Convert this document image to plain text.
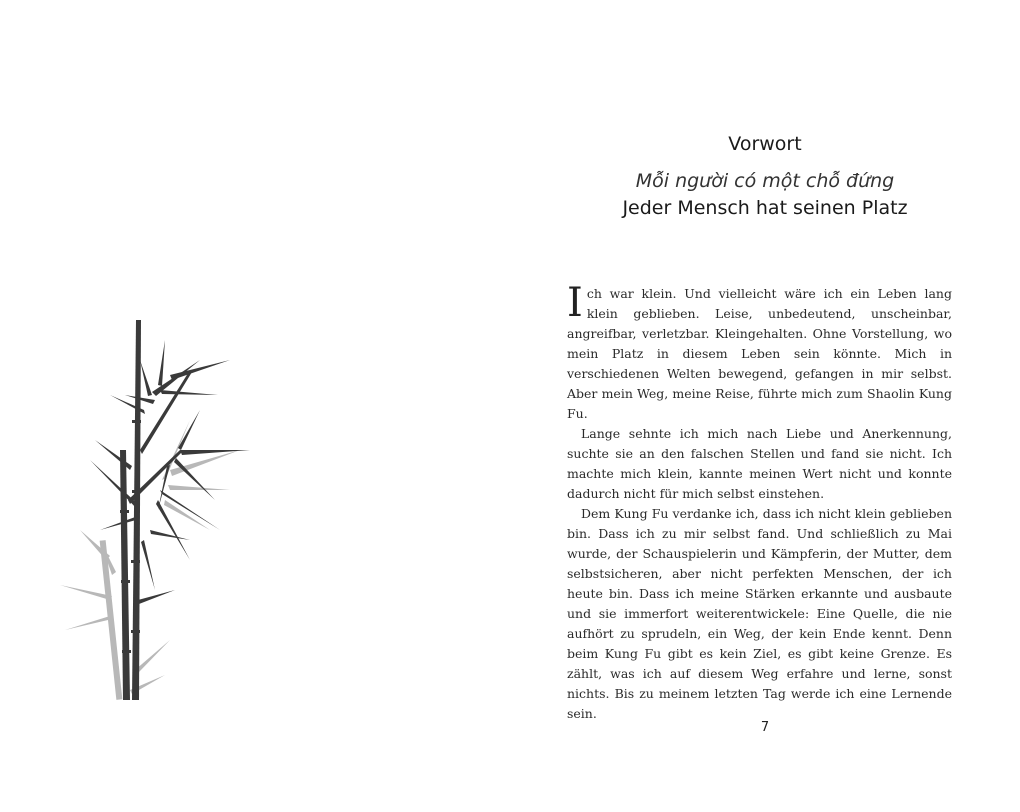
Vorwort
Mỗi người có một chỗ đứng
Jeder Mensch hat seinen Platz

Ich war klein. Und vielleicht wäre ich ein Leben lang klein geblieben. Leise, unbedeutend, unscheinbar, angreifbar, verletzbar. Kleingehalten. Ohne Vorstellung, wo mein Platz in diesem Leben sein könnte. Mich in verschiedenen Welten bewegend, gefangen in mir selbst. Aber mein Weg, meine Reise, führte mich zum Shaolin Kung Fu.

Lange sehnte ich mich nach Liebe und Anerkennung, suchte sie an den falschen Stellen und fand sie nicht. Ich machte mich klein, kannte meinen Wert nicht und konnte dadurch nicht für mich selbst einstehen.

Dem Kung Fu verdanke ich, dass ich nicht klein geblieben bin. Dass ich zu mir selbst fand. Und schließlich zu Mai wurde, der Schauspielerin und Kämpferin, der Mutter, dem selbstsicheren, aber nicht perfekten Menschen, der ich heute bin. Dass ich meine Stärken erkannte und ausbaute und sie immerfort weiterentwickele: Eine Quelle, die nie aufhört zu sprudeln, ein Weg, der kein Ende kennt. Denn beim Kung Fu gibt es kein Ziel, es gibt keine Grenze. Es zählt, was ich auf diesem Weg erfahre und lerne, sonst nichts. Bis zu meinem letzten Tag werde ich eine Lernende sein.

7
